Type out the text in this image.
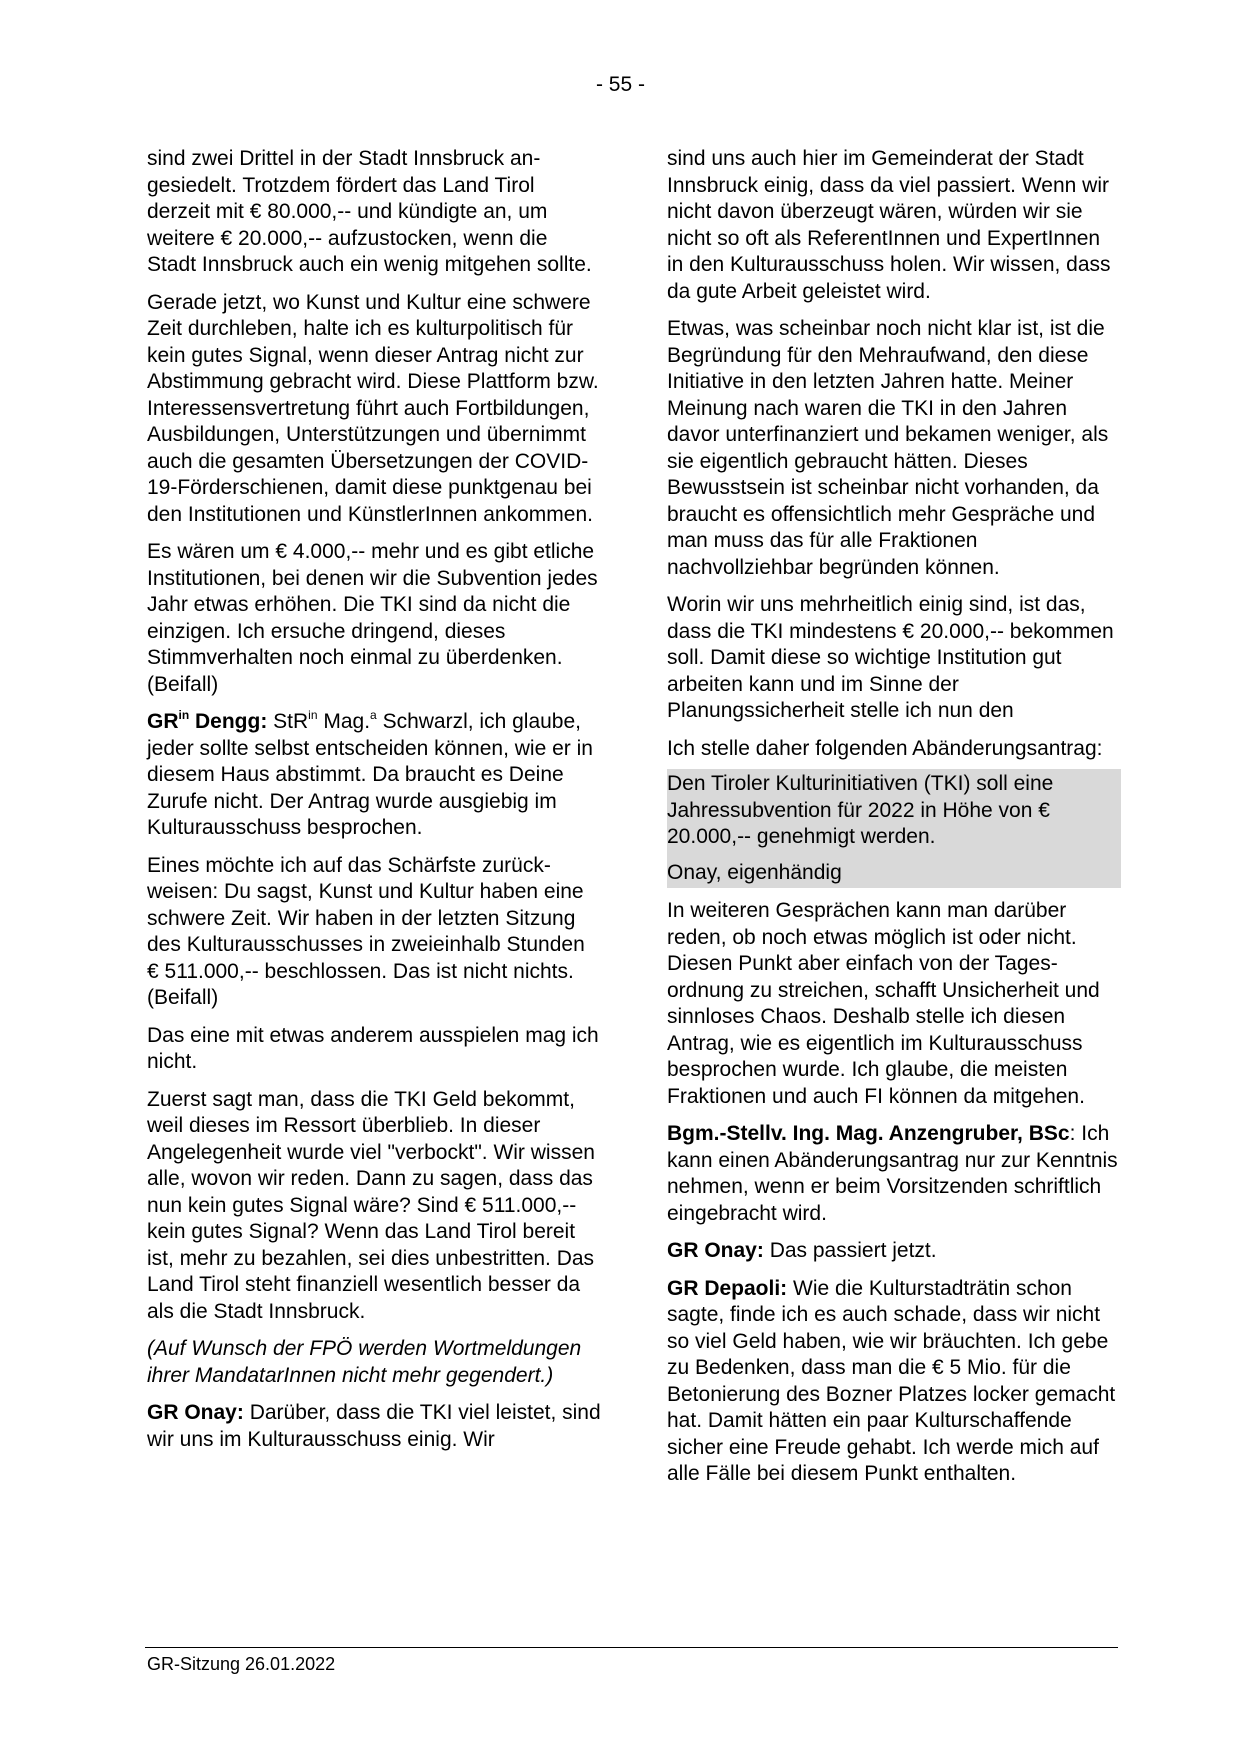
- 55 -

sind zwei Drittel in der Stadt Innsbruck angesiedelt. Trotzdem fördert das Land Tirol derzeit mit € 80.000,-- und kündigte an, um weitere € 20.000,-- aufzustocken, wenn die Stadt Innsbruck auch ein wenig mitgehen sollte.

Gerade jetzt, wo Kunst und Kultur eine schwere Zeit durchleben, halte ich es kulturpolitisch für kein gutes Signal, wenn dieser Antrag nicht zur Abstimmung gebracht wird. Diese Plattform bzw. Interessensvertretung führt auch Fortbildungen, Ausbildungen, Unterstützungen und übernimmt auch die gesamten Übersetzungen der COVID-19-Förderschienen, damit diese punktgenau bei den Institutionen und KünstlerInnen ankommen.

Es wären um € 4.000,-- mehr und es gibt etliche Institutionen, bei denen wir die Subvention jedes Jahr etwas erhöhen. Die TKI sind da nicht die einzigen. Ich ersuche dringend, dieses Stimmverhalten noch einmal zu überdenken. (Beifall)

$GR^{in}$ Dengg: StR$^{in}$ Mag.$^a$ Schwarzl, ich glaube, jeder sollte selbst entscheiden können, wie er in diesem Haus abstimmt. Da braucht es Deine Zurufe nicht. Der Antrag wurde ausgiebig im Kulturausschuss besprochen.

Eines möchte ich auf das Schärfste zurückweisen: Du sagst, Kunst und Kultur haben eine schwere Zeit. Wir haben in der letzten Sitzung des Kulturausschusses in zweieinhalb Stunden € 511.000,-- beschlossen. Das ist nicht nichts. (Beifall)

Das eine mit etwas anderem ausspielen mag ich nicht.

Zuerst sagt man, dass die TKI Geld bekommt, weil dieses im Ressort überblieb. In dieser Angelegenheit wurde viel "verbockt". Wir wissen alle, wovon wir reden. Dann zu sagen, dass das nun kein gutes Signal wäre? Sind € 511.000,-- kein gutes Signal? Wenn das Land Tirol bereit ist, mehr zu bezahlen, sei dies unbestritten. Das Land Tirol steht finanziell wesentlich besser da als die Stadt Innsbruck.

(Auf Wunsch der FPÖ werden Wortmeldungen ihrer MandatarInnen nicht mehr gegendert.)

GR Onay: Darüber, dass die TKI viel leistet, sind wir uns im Kulturausschuss einig. Wir

sind uns auch hier im Gemeinderat der Stadt Innsbruck einig, dass da viel passiert. Wenn wir nicht davon überzeugt wären, würden wir sie nicht so oft als ReferentInnen und ExpertInnen in den Kulturausschuss holen. Wir wissen, dass da gute Arbeit geleistet wird.

Etwas, was scheinbar noch nicht klar ist, ist die Begründung für den Mehraufwand, den diese Initiative in den letzten Jahren hatte. Meiner Meinung nach waren die TKI in den Jahren davor unterfinanziert und bekamen weniger, als sie eigentlich gebraucht hätten. Dieses Bewusstsein ist scheinbar nicht vorhanden, da braucht es offensichtlich mehr Gespräche und man muss das für alle Fraktionen nachvollziehbar begründen können.

Worin wir uns mehrheitlich einig sind, ist das, dass die TKI mindestens € 20.000,-- bekommen soll. Damit diese so wichtige Institution gut arbeiten kann und im Sinne der Planungssicherheit stelle ich nun den

Ich stelle daher folgenden Abänderungsantrag:

Den Tiroler Kulturinitiativen (TKI) soll eine Jahressubvention für 2022 in Höhe von € 20.000,-- genehmigt werden.

Onay, eigenhändig

In weiteren Gesprächen kann man darüber reden, ob noch etwas möglich ist oder nicht. Diesen Punkt aber einfach von der Tagesordnung zu streichen, schafft Unsicherheit und sinnloses Chaos. Deshalb stelle ich diesen Antrag, wie es eigentlich im Kulturausschuss besprochen wurde. Ich glaube, die meisten Fraktionen und auch FI können da mitgehen.

Bgm.-Stellv. Ing. Mag. Anzengruber, BSc: Ich kann einen Abänderungsantrag nur zur Kenntnis nehmen, wenn er beim Vorsitzenden schriftlich eingebracht wird.

GR Onay: Das passiert jetzt.

GR Depaoli: Wie die Kulturstadträtin schon sagte, finde ich es auch schade, dass wir nicht so viel Geld haben, wie wir bräuchten. Ich gebe zu Bedenken, dass man die € 5 Mio. für die Betonierung des Bozner Platzes locker gemacht hat. Damit hätten ein paar Kulturschaffende sicher eine Freude gehabt. Ich werde mich auf alle Fälle bei diesem Punkt enthalten.

GR-Sitzung 26.01.2022
